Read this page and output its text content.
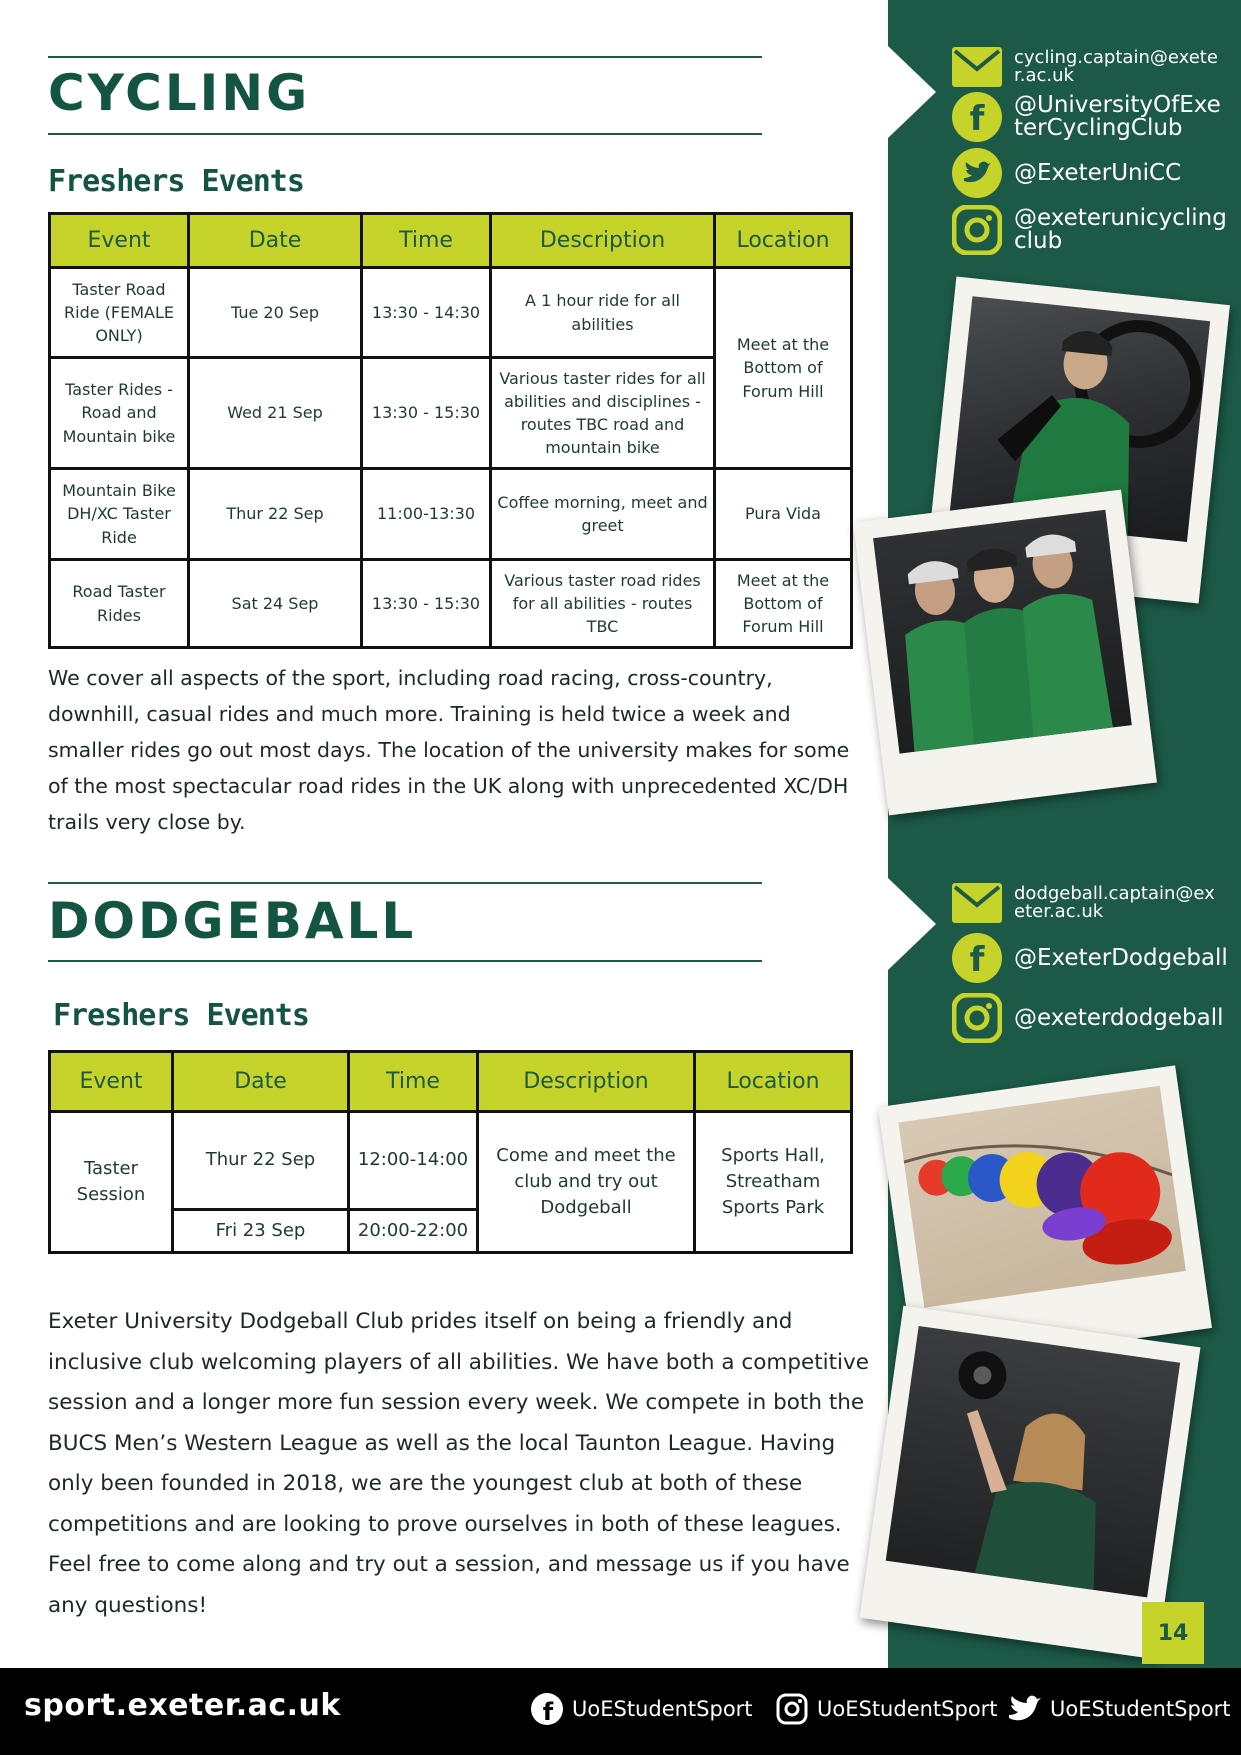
cycling.captain@exeter.ac.uk
f @UniversityOfExeterCyclingClub
@ExeterUniCC
@exeterunicyclingclub
dodgeball.captain@exeter.ac.uk
f @ExeterDodgeball
@exeterdodgeball
CYCLING
Freshers Events
Event	Date	Time	Description	Location
Taster Road Ride (FEMALE ONLY)	Tue 20 Sep	13:30 - 14:30	A 1 hour ride for all abilities	Meet at the Bottom of Forum Hill
Taster Rides - Road and Mountain bike	Wed 21 Sep	13:30 - 15:30	Various taster rides for all abilities and disciplines - routes TBC road and mountain bike	
Mountain Bike DH/XC Taster Ride	Thur 22 Sep	11:00-13:30	Coffee morning, meet and greet	Pura Vida
Road Taster Rides	Sat 24 Sep	13:30 - 15:30	Various taster road rides for all abilities - routes TBC	Meet at the Bottom of Forum Hill
We cover all aspects of the sport, including road racing, cross-country, downhill, casual rides and much more. Training is held twice a week and smaller rides go out most days. The location of the university makes for some of the most spectacular road rides in the UK along with unprecedented XC/DH trails very close by.
DODGEBALL
Freshers Events
Event	Date	Time	Description	Location
Taster Session	Thur 22 Sep	12:00-14:00	Come and meet the club and try out Dodgeball	Sports Hall, Streatham Sports Park
	Fri 23 Sep	20:00-22:00		
Exeter University Dodgeball Club prides itself on being a friendly and inclusive club welcoming players of all abilities. We have both a competitive session and a longer more fun session every week. We compete in both the BUCS Men’s Western League as well as the local Taunton League. Having only been founded in 2018, we are the youngest club at both of these competitions and are looking to prove ourselves in both of these leagues. Feel free to come along and try out a session, and message us if you have any questions!
14
sport.exeter.ac.uk	f UoEStudentSport	UoEStudentSport UoEStudentSport
